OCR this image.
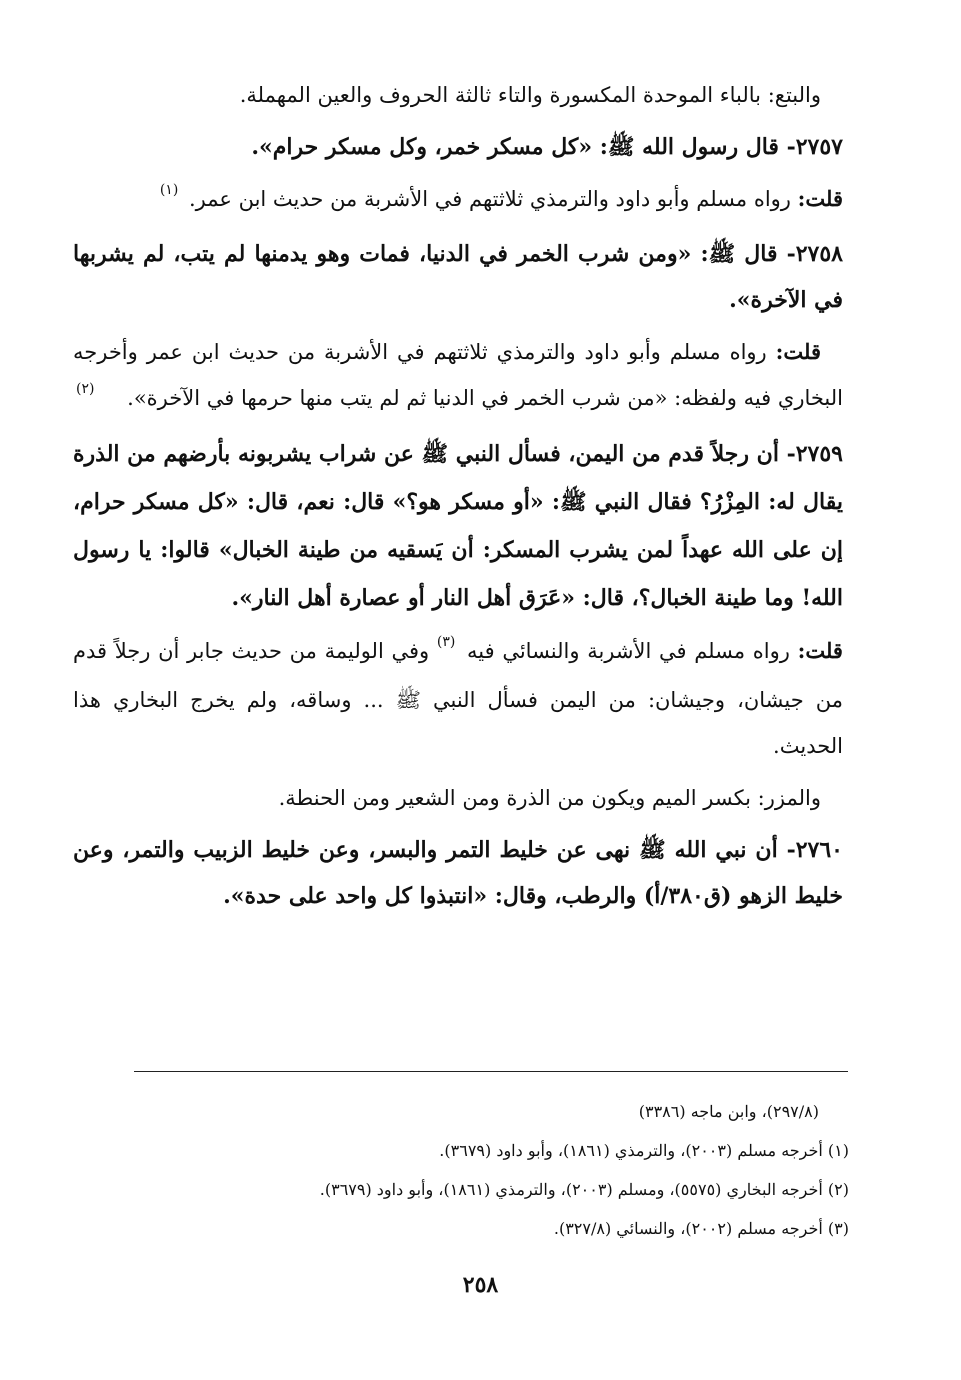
والبتع: بالباء الموحدة المكسورة والتاء ثالثة الحروف والعين المهملة.

٢٧٥٧- قال رسول الله ﷺ: «كل مسكر خمر، وكل مسكر حرام».

قلت: رواه مسلم وأبو داود والترمذي ثلاثتهم في الأشربة من حديث ابن عمر. (١)

٢٧٥٨- قال ﷺ: «ومن شرب الخمر في الدنيا، فمات وهو يدمنها لم يتب، لم يشربها في الآخرة».

قلت: رواه مسلم وأبو داود والترمذي ثلاثتهم في الأشربة من حديث ابن عمر وأخرجه البخاري فيه ولفظه: «من شرب الخمر في الدنيا ثم لم يتب منها حرمها في الآخرة». (٢)

٢٧٥٩- أن رجلاً قدم من اليمن، فسأل النبي ﷺ عن شراب يشربونه بأرضهم من الذرة يقال له: المِزْرُ؟ فقال النبي ﷺ: «أو مسكر هو؟» قال: نعم، قال: «كل مسكر حرام، إن على الله عهداً لمن يشرب المسكر: أن يَسقيه من طينة الخبال» قالوا: يا رسول الله! وما طينة الخبال؟، قال: «عَرَق أهل النار أو عصارة أهل النار».

قلت: رواه مسلم في الأشربة والنسائي فيه (٣) وفي الوليمة من حديث جابر أن رجلاً قدم من جيشان، وجيشان: من اليمن فسأل النبي ﷺ ... وساقه، ولم يخرج البخاري هذا الحديث.

والمزر: بكسر الميم ويكون من الذرة ومن الشعير ومن الحنطة.

٢٧٦٠- أن نبي الله ﷺ نهى عن خليط التمر والبسر، وعن خليط الزبيب والتمر، وعن خليط الزهو (ق٣٨٠/أ) والرطب، وقال: «انتبذوا كل واحد على حدة».

(٢٩٧/٨)، وابن ماجه (٣٣٨٦)

(١) أخرجه مسلم (٢٠٠٣)، والترمذي (١٨٦١)، وأبو داود (٣٦٧٩).

(٢) أخرجه البخاري (٥٥٧٥)، ومسلم (٢٠٠٣)، والترمذي (١٨٦١)، وأبو داود (٣٦٧٩).

(٣) أخرجه مسلم (٢٠٠٢)، والنسائي (٣٢٧/٨).

٢٥٨
